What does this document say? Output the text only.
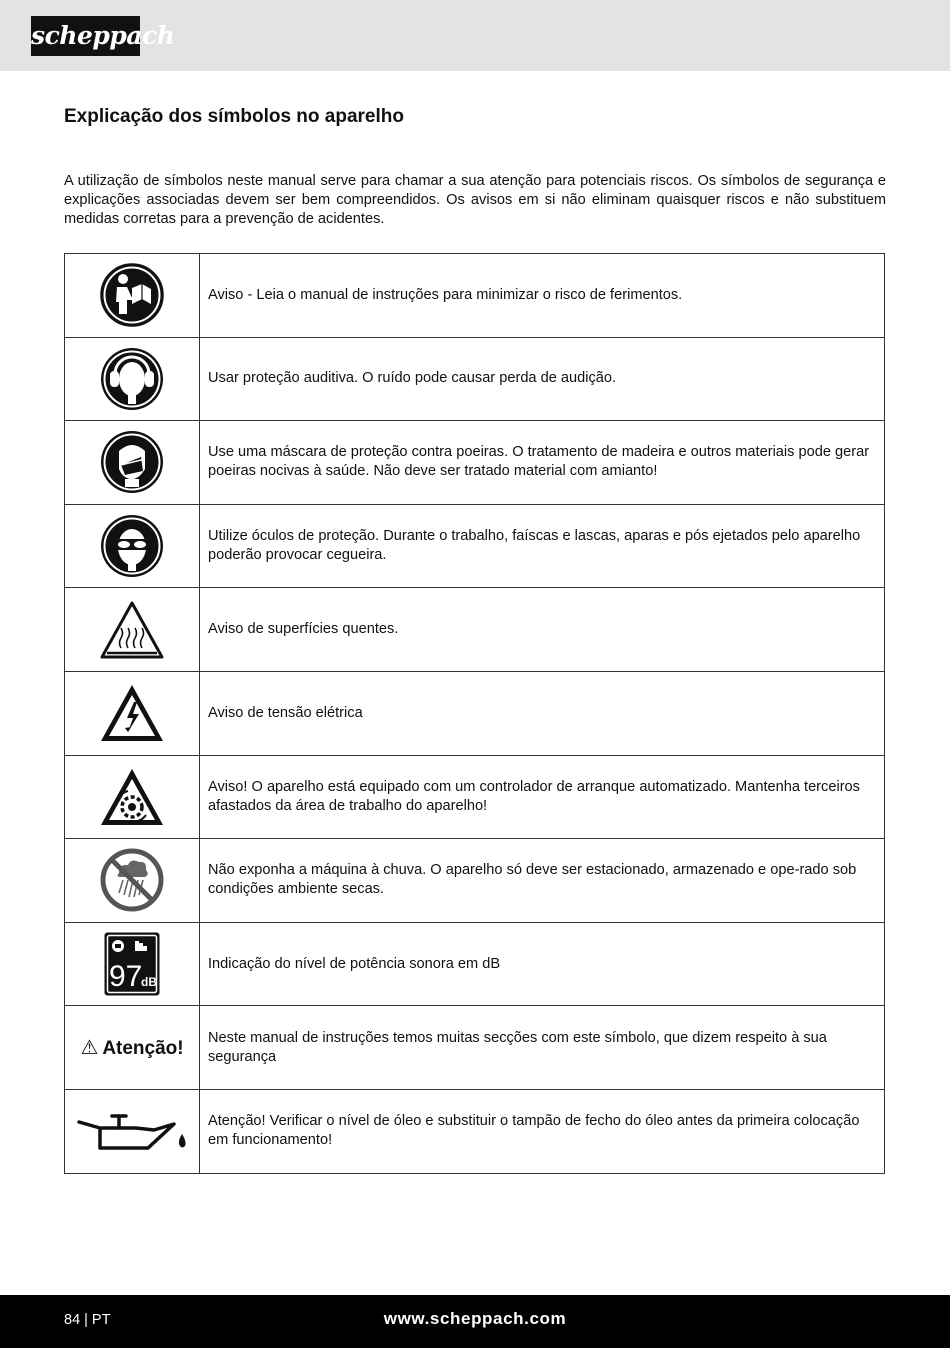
scheppach
Explicação dos símbolos no aparelho

A utilização de símbolos neste manual serve para chamar a sua atenção para potenciais riscos. Os símbolos de segurança e explicações associadas devem ser bem compreendidos. Os avisos em si não eliminam quaisquer riscos e não substituem medidas corretas para a prevenção de acidentes.

	Aviso - Leia o manual de instruções para minimizar o risco de ferimentos.
	Usar proteção auditiva. O ruído pode causar perda de audição.
	Use uma máscara de proteção contra poeiras. O tratamento de madeira e outros materiais pode gerar poeiras nocivas à saúde. Não deve ser tratado material com amianto!
	Utilize óculos de proteção. Durante o trabalho, faíscas e lascas, aparas e pós ejetados pelo aparelho poderão provocar cegueira.
	Aviso de superfícies quentes.
	Aviso de tensão elétrica
	Aviso! O aparelho está equipado com um controlador de arranque automatizado. Mantenha terceiros afastados da área de trabalho do aparelho!
	Não exponha a máquina à chuva. O aparelho só deve ser estacionado, armazenado e ope-rado sob condições ambiente secas.

97
dB	Indicação do nível de potência sonora em dB
⚠ Atenção!	Neste manual de instruções temos muitas secções com este símbolo, que dizem respeito à sua segurança
	Atenção! Verificar o nível de óleo e substituir o tampão de fecho do óleo antes da primeira colocação em funcionamento!
84 | PT	www.scheppach.com
